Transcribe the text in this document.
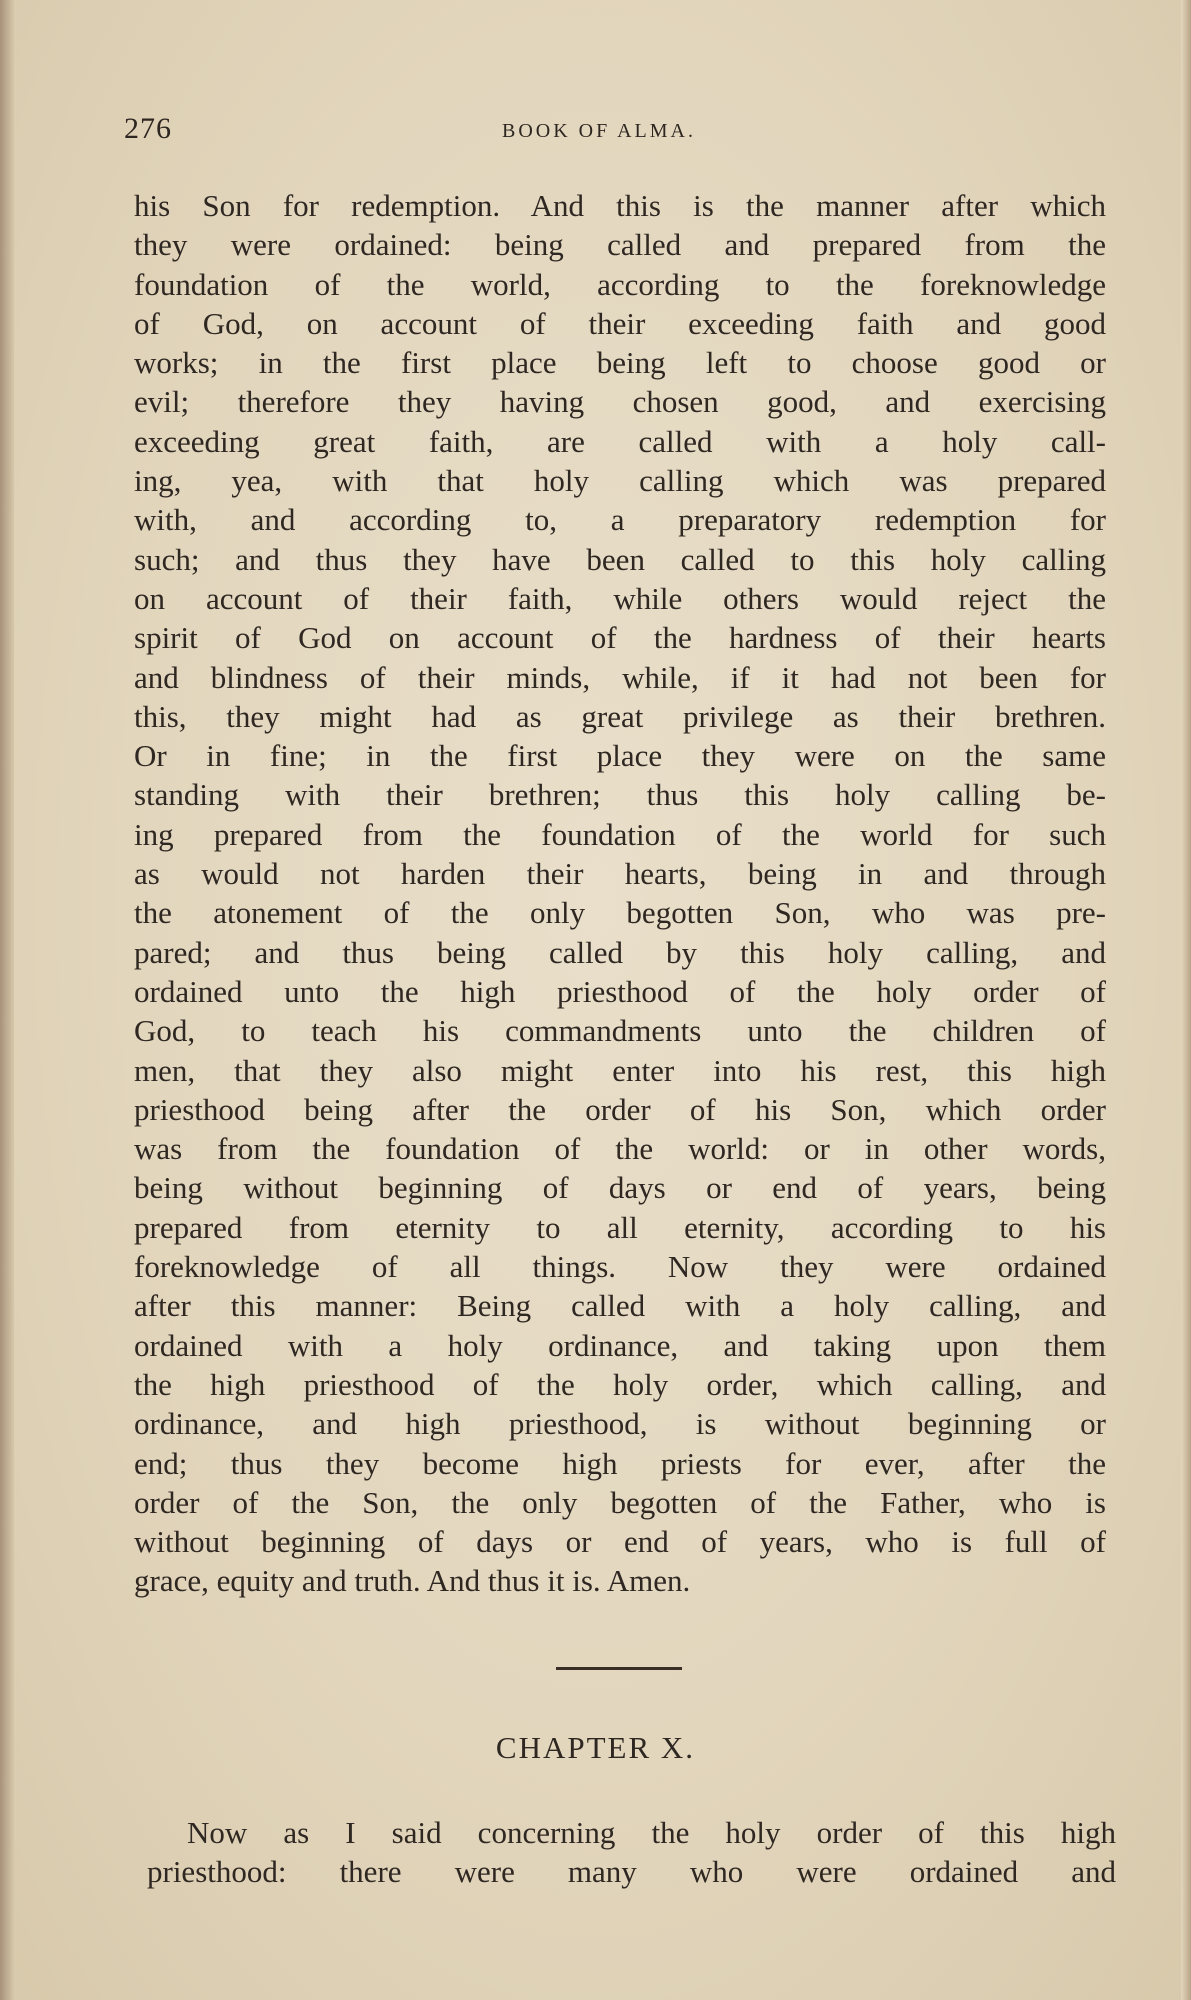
276	BOOK OF ALMA.
his Son for redemption. And this is the manner after which
they were ordained: being called and prepared from the
foundation of the world, according to the foreknowledge
of God, on account of their exceeding faith and good
works; in the first place being left to choose good or
evil; therefore they having chosen good, and exercising
exceeding great faith, are called with a holy call-
ing, yea, with that holy calling which was prepared
with, and according to, a preparatory redemption for
such; and thus they have been called to this holy calling
on account of their faith, while others would reject the
spirit of God on account of the hardness of their hearts
and blindness of their minds, while, if it had not been for
this, they might had as great privilege as their brethren.
Or in fine; in the first place they were on the same
standing with their brethren; thus this holy calling be-
ing prepared from the foundation of the world for such
as would not harden their hearts, being in and through
the atonement of the only begotten Son, who was pre-
pared; and thus being called by this holy calling, and
ordained unto the high priesthood of the holy order of
God, to teach his commandments unto the children of
men, that they also might enter into his rest, this high
priesthood being after the order of his Son, which order
was from the foundation of the world: or in other words,
being without beginning of days or end of years, being
prepared from eternity to all eternity, according to his
foreknowledge of all things. Now they were ordained
after this manner: Being called with a holy calling, and
ordained with a holy ordinance, and taking upon them
the high priesthood of the holy order, which calling, and
ordinance, and high priesthood, is without beginning or
end; thus they become high priests for ever, after the
order of the Son, the only begotten of the Father, who is
without beginning of days or end of years, who is full of
grace, equity and truth. And thus it is. Amen.
CHAPTER X.
Now as I said concerning the holy order of this high
priesthood: there were many who were ordained and
